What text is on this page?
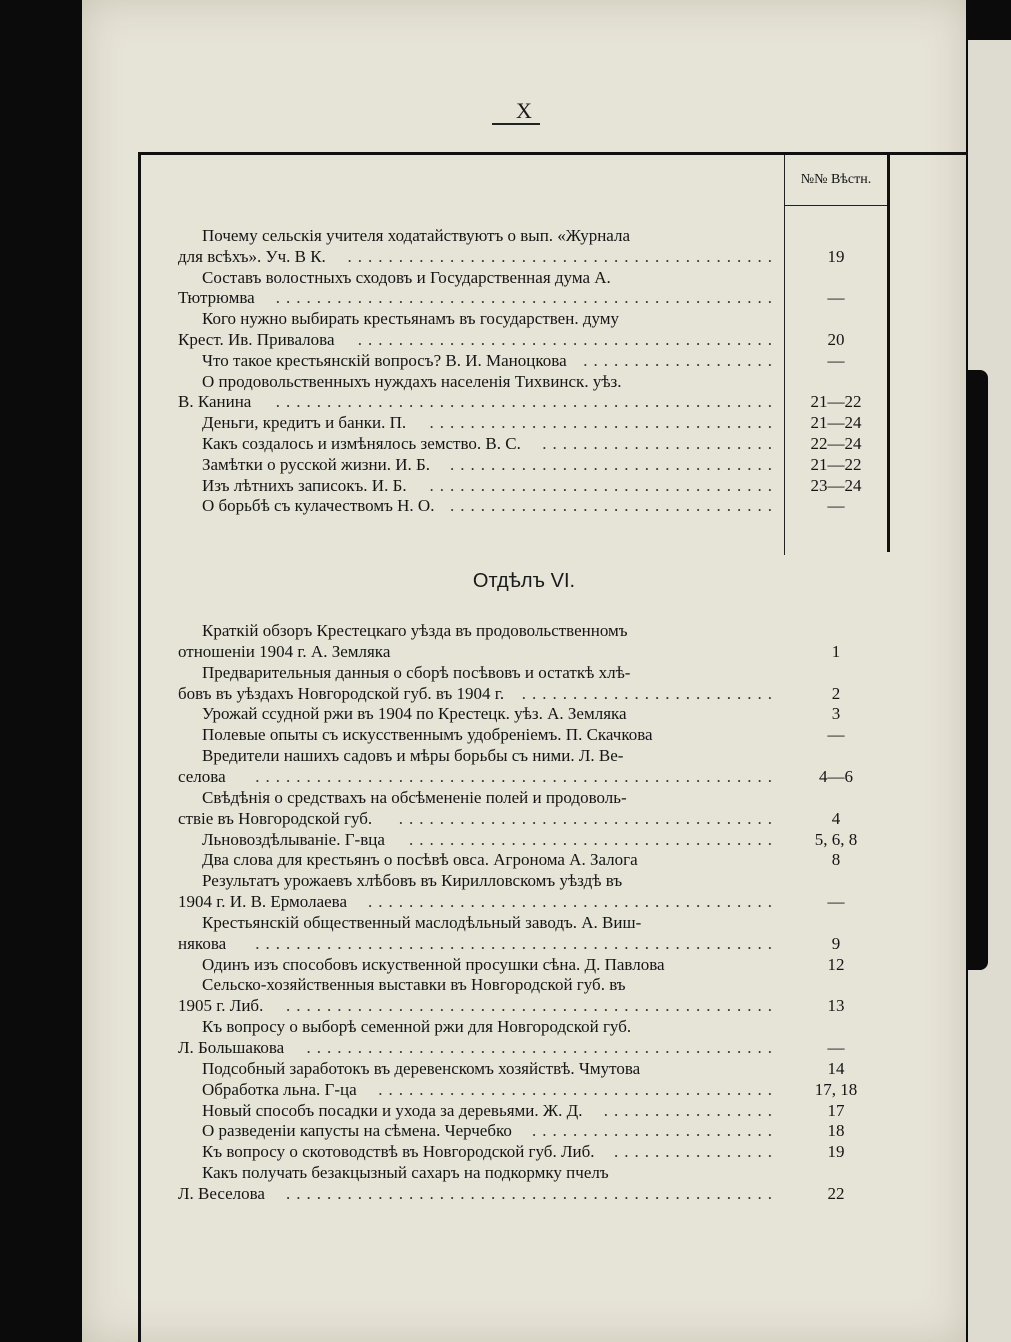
X
№№ Вѣстн.
Почему сельскія учителя ходатайствуютъ о вып. «Журнала
для всѣхъ». Уч. В К. ..........................................
Составъ волостныхъ сходовъ и Государственная дума А.
Тютрюмва .................................................
Кого нужно выбирать крестьянамъ въ государствен. думу
Крест. Ив. Привалова .........................................
Что такое крестьянскій вопросъ? В. И. Маноцкова ...................
О продовольственныхъ нуждахъ населенія Тихвинск. уѣз.
В. Канина .................................................
Деньги, кредитъ и банки. П. ..................................
Какъ создалось и измѣнялось земство. В. С. .......................
Замѣтки о русской жизни. И. Б. ................................
Изъ лѣтнихъ записокъ. И. Б. ..................................
О борьбѣ съ кулачествомъ Н. О. ................................
Краткій обзоръ Крестецкаго уѣзда въ продовольственномъ
отношеніи 1904 г. А. Земляка
Предварительныя данныя о сборѣ посѣвовъ и остаткѣ хлѣ-
бовъ въ уѣздахъ Новгородской губ. въ 1904 г. .........................
Урожай ссудной ржи въ 1904 по Крестецк. уѣз. А. Земляка
Полевые опыты съ искусственнымъ удобреніемъ. П. Скачкова
Вредители нашихъ садовъ и мѣры борьбы съ ними. Л. Ве-
селова ...................................................
Свѣдѣнія о средствахъ на обсѣмененіе полей и продоволь-
ствіе въ Новгородской губ. .....................................
Льновоздѣлываніе. Г-вца ....................................
Два слова для крестьянъ о посѣвѣ овса. Агронома А. Залога
Результатъ урожаевъ хлѣбовъ въ Кирилловскомъ уѣздѣ въ
1904 г. И. В. Ермолаева ........................................
Крестьянскій общественный маслодѣльный заводъ. А. Виш-
някова ...................................................
Одинъ изъ способовъ искуственной просушки сѣна. Д. Павлова
Сельско-хозяйственныя выставки въ Новгородской губ. въ
1905 г. Либ. ................................................
Къ вопросу о выборѣ семенной ржи для Новгородской губ.
Л. Большакова ..............................................
Подсобный заработокъ въ деревенскомъ хозяйствѣ. Чмутова
Обработка льна. Г-ца .......................................
Новый способъ посадки и ухода за деревьями. Ж. Д. .................
О разведеніи капусты на сѣмена. Черчебко ........................
Къ вопросу о скотоводствѣ въ Новгородской губ. Либ. ................
Какъ получать безакцызный сахаръ на подкормку пчелъ
Л. Веселова ................................................
19
—
20
—
21—22
21—24
22—24
21—22
23—24
—
1
2
3
—
4—6
4
5, 6, 8
8
—
9
12
13
—
14
17, 18
17
18
19
22
Отдѣлъ VI.
